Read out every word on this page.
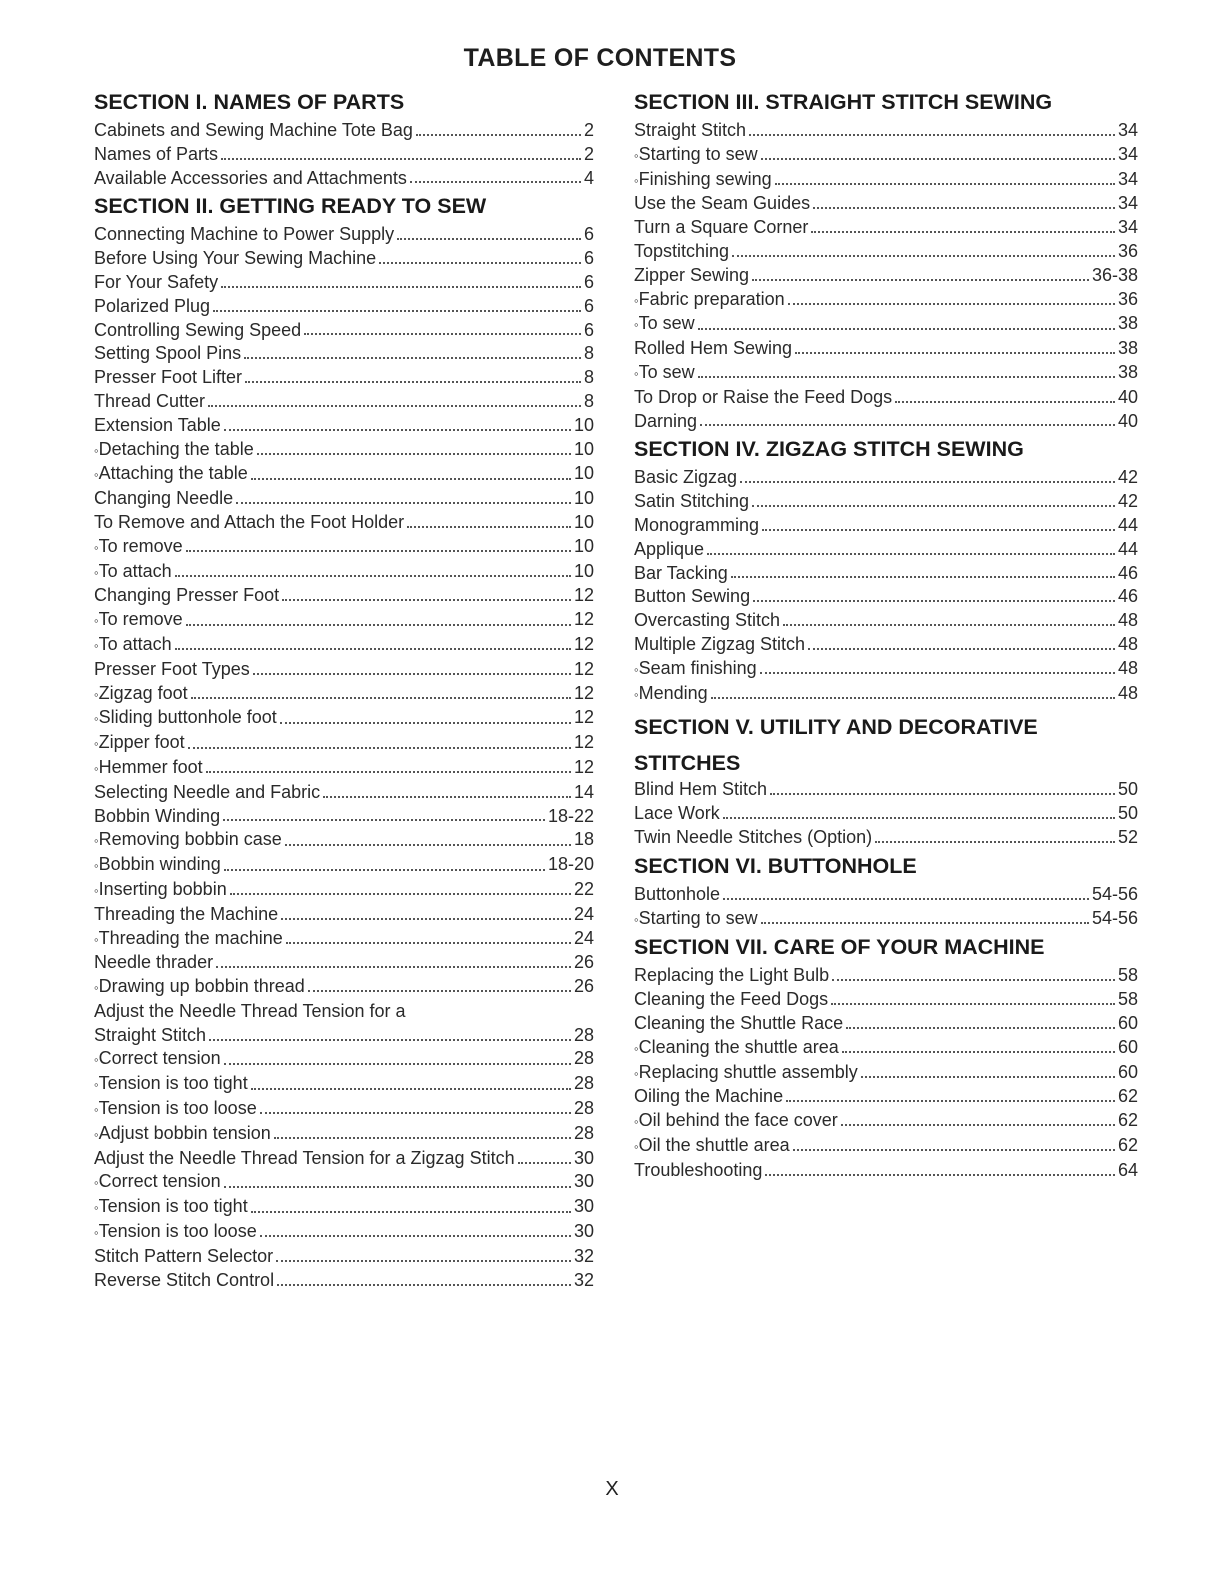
TABLE OF CONTENTS
SECTION I. NAMES OF PARTS
Cabinets and Sewing Machine Tote Bag	2
Names of Parts	2
Available Accessories and Attachments	4
SECTION II. GETTING READY TO SEW
Connecting Machine to Power Supply	6
Before Using Your Sewing Machine	6
For Your Safety	6
Polarized Plug	6
Controlling Sewing Speed	6
Setting Spool Pins	8
Presser Foot Lifter	8
Thread Cutter	8
Extension Table	10
◦ Detaching the table	10
◦ Attaching the table	10
Changing Needle	10
To Remove and Attach the Foot Holder	10
◦ To remove	10
◦ To attach	10
Changing Presser Foot	12
◦ To remove	12
◦ To attach	12
Presser Foot Types	12
◦ Zigzag foot	12
◦ Sliding buttonhole foot	12
◦ Zipper foot	12
◦ Hemmer foot	12
Selecting Needle and Fabric	14
Bobbin Winding	18-22
◦ Removing bobbin case	18
◦ Bobbin winding	18-20
◦ Inserting bobbin	22
Threading the Machine	24
◦ Threading the machine	24
Needle thrader	26
◦ Drawing up bobbin thread	26
Adjust the Needle Thread Tension for a
Straight Stitch	28
◦ Correct tension	28
◦ Tension is too tight	28
◦ Tension is too loose	28
◦ Adjust bobbin tension	28
Adjust the Needle Thread Tension for a Zigzag Stitch	30
◦ Correct tension	30
◦ Tension is too tight	30
◦ Tension is too loose	30
Stitch Pattern Selector	32
Reverse Stitch Control	32
SECTION III. STRAIGHT STITCH SEWING
Straight Stitch	34
◦ Starting to sew	34
◦ Finishing sewing	34
Use the Seam Guides	34
Turn a Square Corner	34
Topstitching	36
Zipper Sewing	36-38
◦ Fabric preparation	36
◦ To sew	38
Rolled Hem Sewing	38
◦ To sew	38
To Drop or Raise the Feed Dogs	40
Darning	40
SECTION IV. ZIGZAG STITCH SEWING
Basic Zigzag	42
Satin Stitching	42
Monogramming	44
Applique	44
Bar Tacking	46
Button Sewing	46
Overcasting Stitch	48
Multiple Zigzag Stitch	48
◦ Seam finishing	48
◦ Mending	48
SECTION V. UTILITY AND DECORATIVE
STITCHES
Blind Hem Stitch	50
Lace Work	50
Twin Needle Stitches (Option)	52
SECTION VI. BUTTONHOLE
Buttonhole	54-56
◦ Starting to sew	54-56
SECTION VII. CARE OF YOUR MACHINE
Replacing the Light Bulb	58
Cleaning the Feed Dogs	58
Cleaning the Shuttle Race	60
◦ Cleaning the shuttle area	60
◦ Replacing shuttle assembly	60
Oiling the Machine	62
◦ Oil behind the face cover	62
◦ Oil the shuttle area	62
Troubleshooting	64
X
